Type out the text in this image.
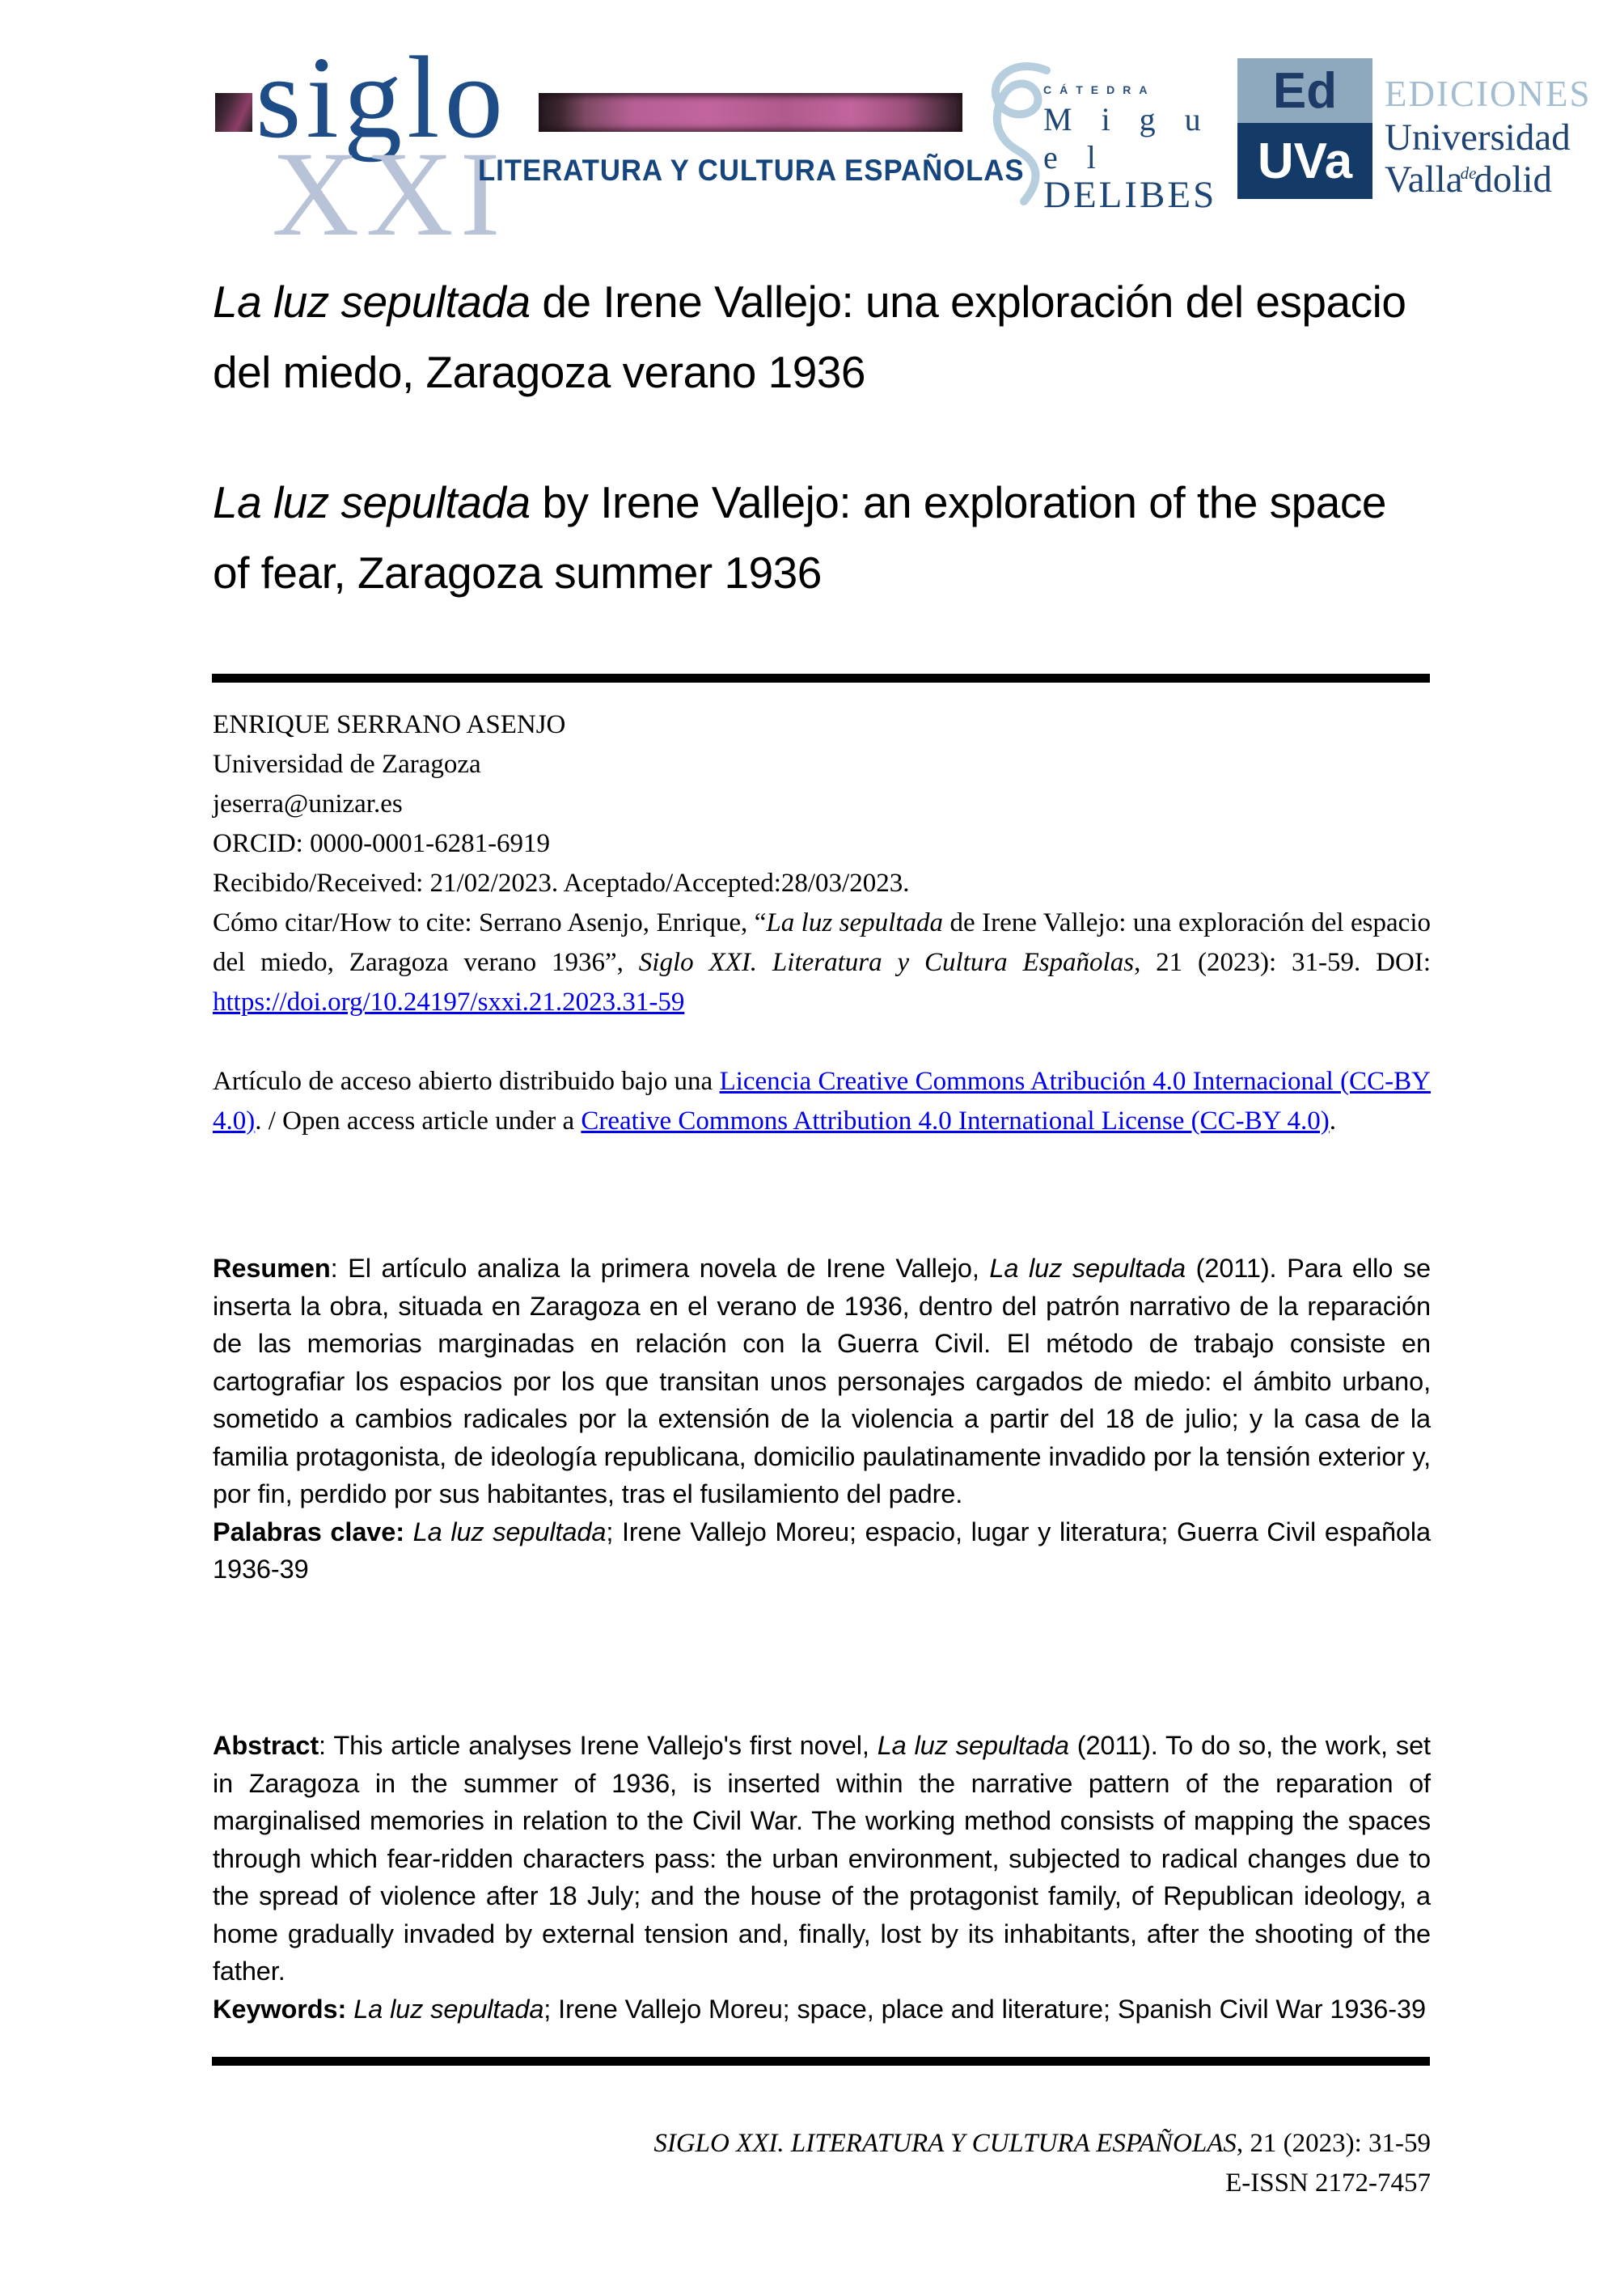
siglo
XXI
LITERATURA Y CULTURA ESPAÑOLAS
CÁTEDRA
M i g u e l
DELIBES
Ed
UVa
EDICIONES
Universidad
Valla$^{de}$dolid
La luz sepultada de Irene Vallejo: una exploración del espacio del miedo, Zaragoza verano 1936
La luz sepultada by Irene Vallejo: an exploration of the space of fear, Zaragoza summer 1936
ENRIQUE SERRANO ASENJO
Universidad de Zaragoza
jeserra@unizar.es
ORCID: 0000-0001-6281-6919
Recibido/Received: 21/02/2023. Aceptado/Accepted:28/03/2023.

Cómo citar/How to cite: Serrano Asenjo, Enrique, “La luz sepultada de Irene Vallejo: una exploración del espacio del miedo, Zaragoza verano 1936”, Siglo XXI. Literatura y Cultura Españolas, 21 (2023): 31-59. DOI: https://doi.org/10.24197/sxxi.21.2023.31-59

Artículo de acceso abierto distribuido bajo una Licencia Creative Commons Atribución 4.0 Internacional (CC-BY 4.0). / Open access article under a Creative Commons Attribution 4.0 International License (CC-BY 4.0).

Resumen: El artículo analiza la primera novela de Irene Vallejo, La luz sepultada (2011). Para ello se inserta la obra, situada en Zaragoza en el verano de 1936, dentro del patrón narrativo de la reparación de las memorias marginadas en relación con la Guerra Civil. El método de trabajo consiste en cartografiar los espacios por los que transitan unos personajes cargados de miedo: el ámbito urbano, sometido a cambios radicales por la extensión de la violencia a partir del 18 de julio; y la casa de la familia protagonista, de ideología republicana, domicilio paulatinamente invadido por la tensión exterior y, por fin, perdido por sus habitantes, tras el fusilamiento del padre.

Palabras clave: La luz sepultada; Irene Vallejo Moreu; espacio, lugar y literatura; Guerra Civil española 1936-39

Abstract: This article analyses Irene Vallejo's first novel, La luz sepultada (2011). To do so, the work, set in Zaragoza in the summer of 1936, is inserted within the narrative pattern of the reparation of marginalised memories in relation to the Civil War. The working method consists of mapping the spaces through which fear-ridden characters pass: the urban environment, subjected to radical changes due to the spread of violence after 18 July; and the house of the protagonist family, of Republican ideology, a home gradually invaded by external tension and, finally, lost by its inhabitants, after the shooting of the father.

Keywords: La luz sepultada; Irene Vallejo Moreu; space, place and literature; Spanish Civil War 1936-39

SIGLO XXI. LITERATURA Y CULTURA ESPAÑOLAS, 21 (2023): 31-59
E-ISSN 2172-7457
